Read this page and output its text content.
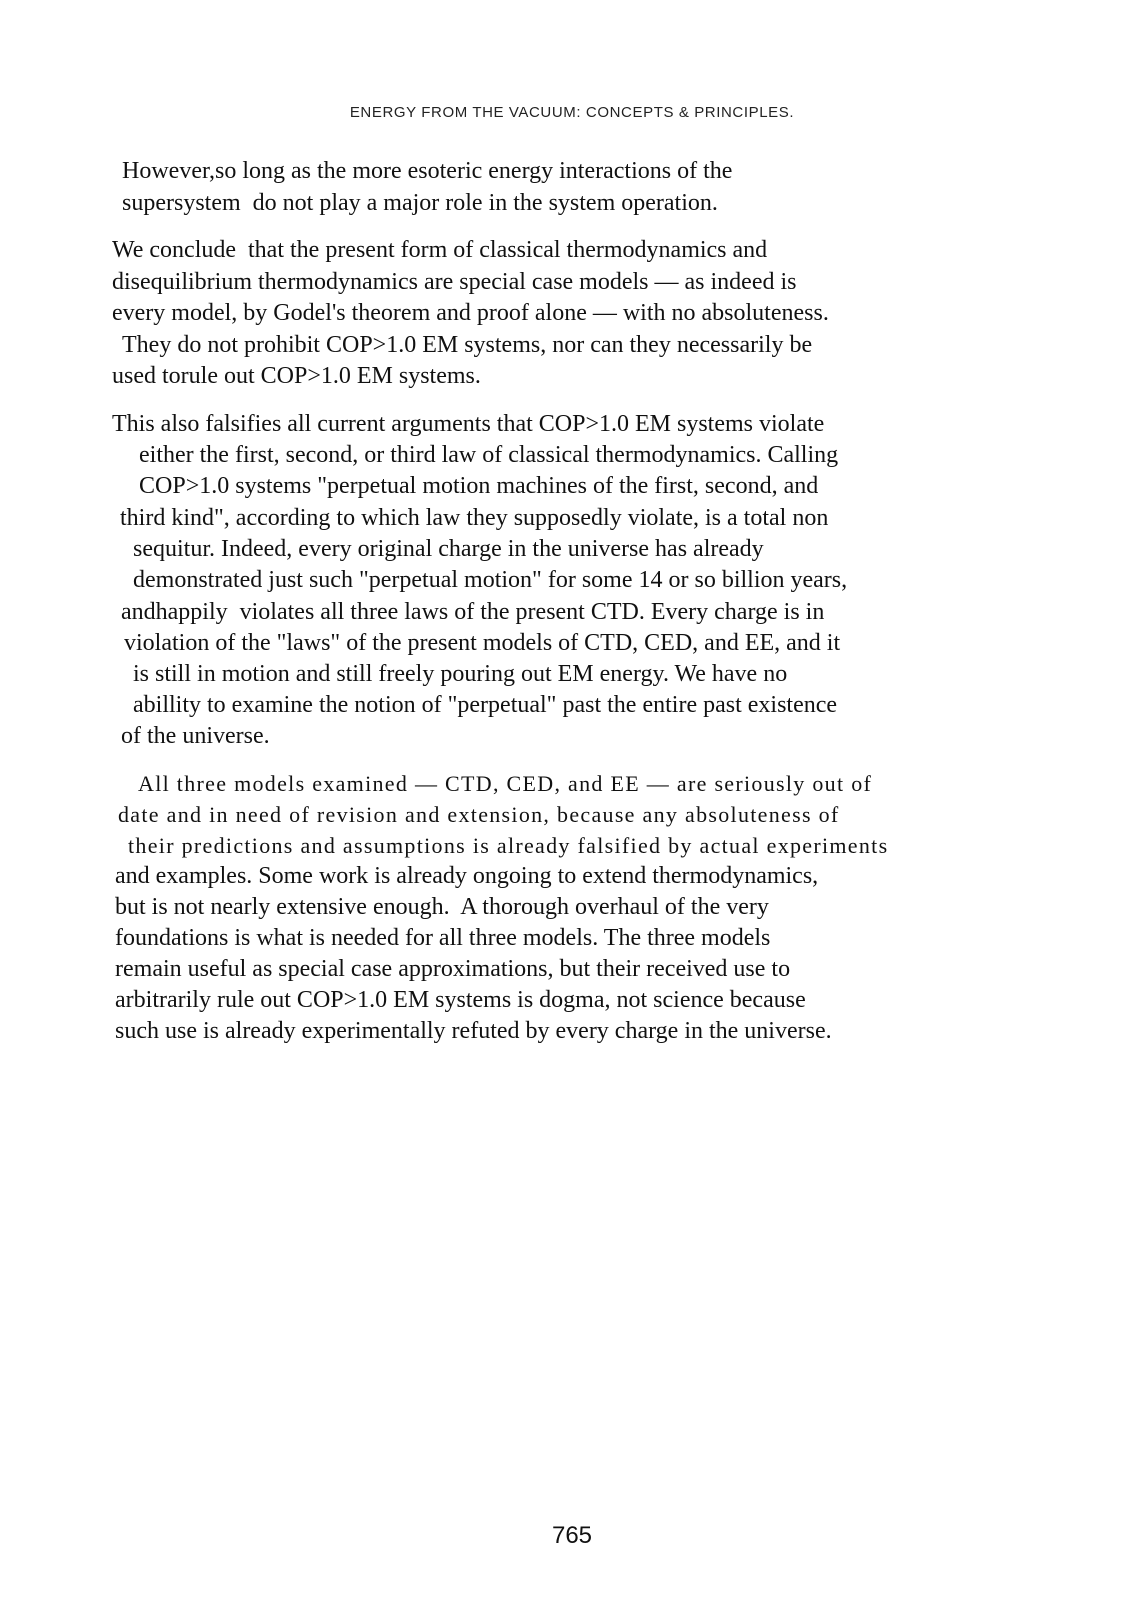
ENERGY FROM THE VACUUM: CONCEPTS & PRINCIPLES.
However,so long as the more esoteric energy interactions of the
supersystem  do not play a major role in the system operation.
We conclude  that the present form of classical thermodynamics and
disequilibrium thermodynamics are special case models — as indeed is
every model, by Godel's theorem and proof alone — with no absoluteness.
They do not prohibit COP>1.0 EM systems, nor can they necessarily be
used torule out COP>1.0 EM systems.
This also falsifies all current arguments that COP>1.0 EM systems violate
either the first, second, or third law of classical thermodynamics. Calling
COP>1.0 systems "perpetual motion machines of the first, second, and
third kind", according to which law they supposedly violate, is a total non
sequitur. Indeed, every original charge in the universe has already
demonstrated just such "perpetual motion" for some 14 or so billion years,
andhappily  violates all three laws of the present CTD. Every charge is in
violation of the "laws" of the present models of CTD, CED, and EE, and it
is still in motion and still freely pouring out EM energy. We have no
abillity to examine the notion of "perpetual" past the entire past existence
of the universe.
All three models examined — CTD, CED, and EE — are seriously out of
date and in need of revision and extension, because any absoluteness of
their predictions and assumptions is already falsified by actual experiments
and examples. Some work is already ongoing to extend thermodynamics,
but is not nearly extensive enough.  A thorough overhaul of the very
foundations is what is needed for all three models. The three models
remain useful as special case approximations, but their received use to
arbitrarily rule out COP>1.0 EM systems is dogma, not science because
such use is already experimentally refuted by every charge in the universe.
765
